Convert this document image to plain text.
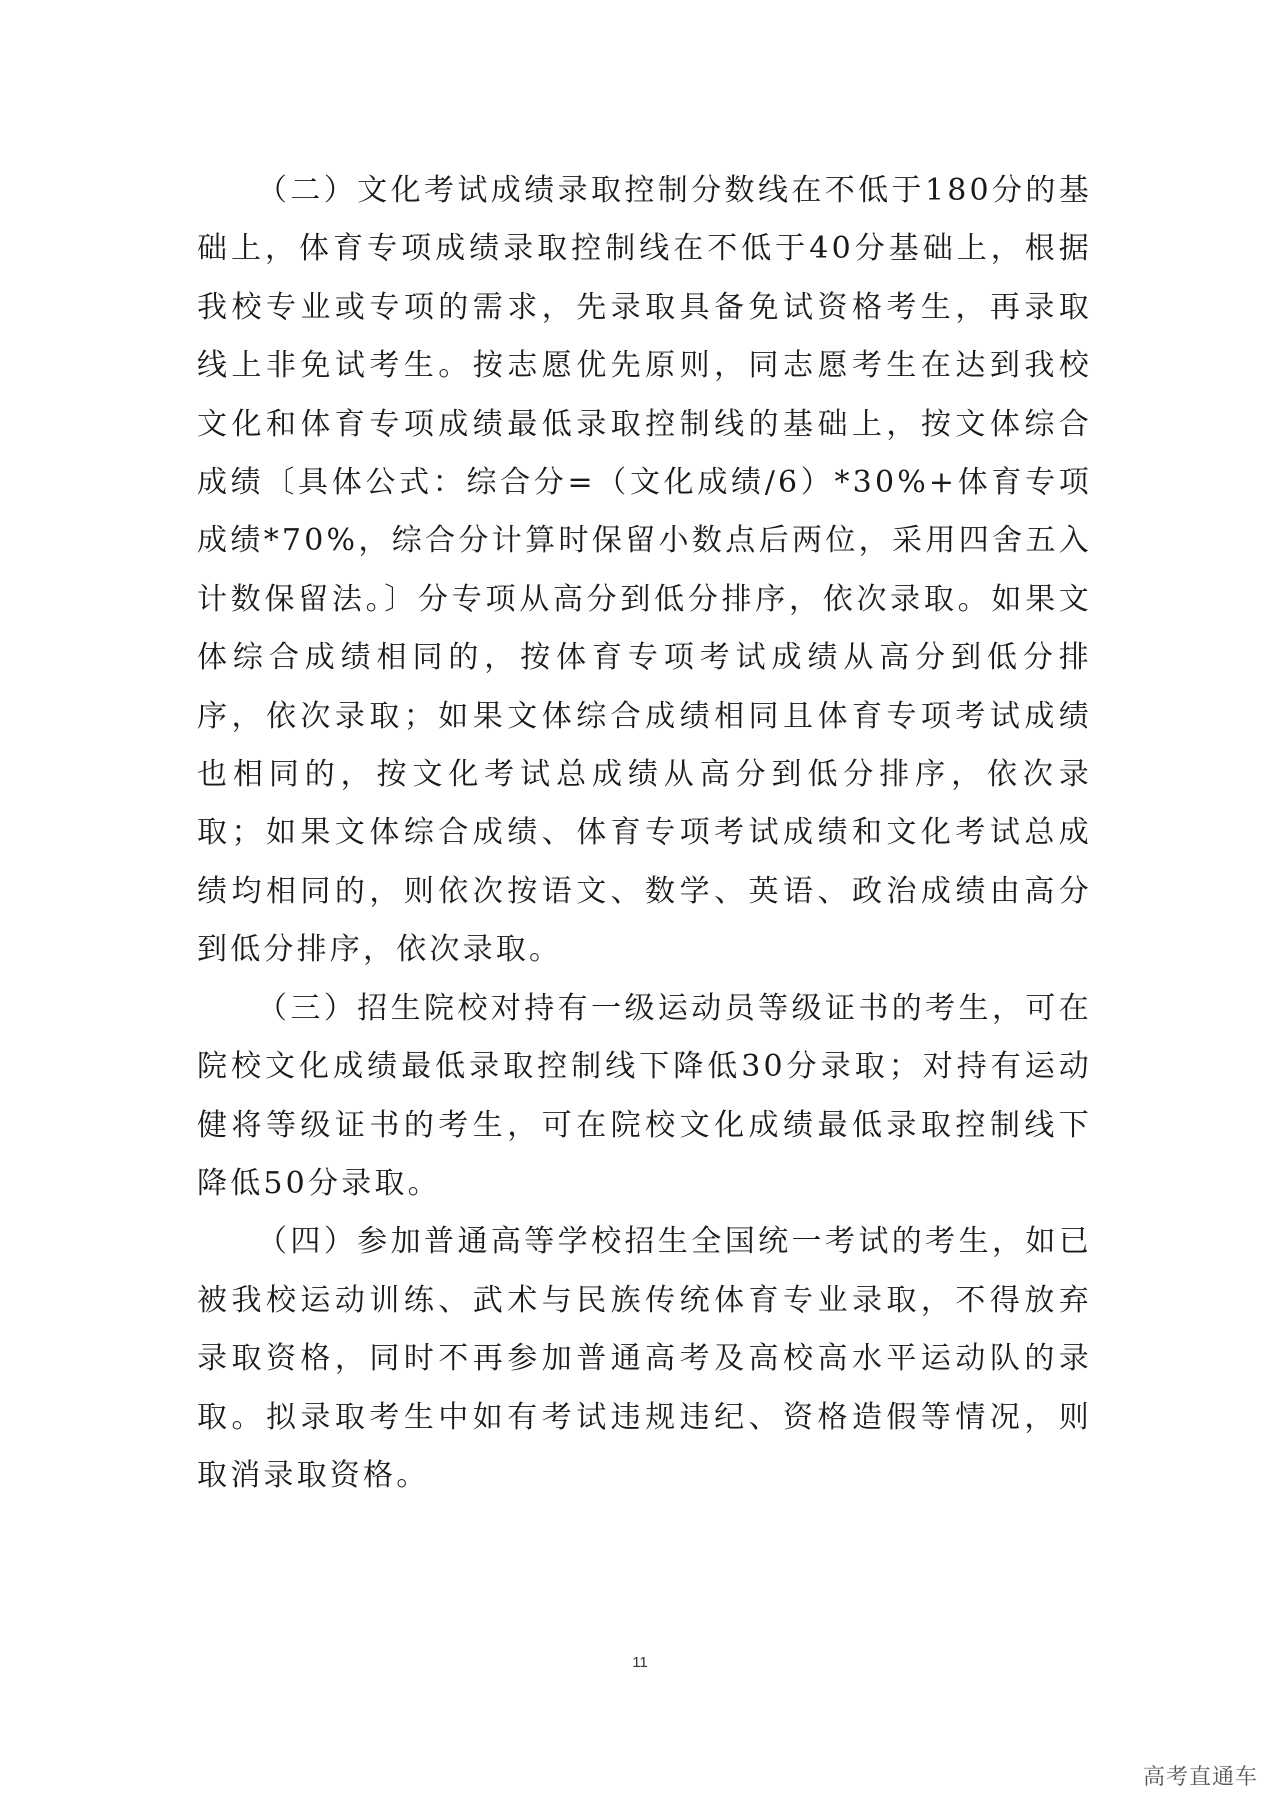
（二）文化考试成绩录取控制分数线在不低于180分的基础上，体育专项成绩录取控制线在不低于40分基础上，根据我校专业或专项的需求，先录取具备免试资格考生，再录取线上非免试考生。按志愿优先原则，同志愿考生在达到我校文化和体育专项成绩最低录取控制线的基础上，按文体综合成绩〔具体公式：综合分=（文化成绩/6）*30%+体育专项成绩*70%，综合分计算时保留小数点后两位，采用四舍五入计数保留法。〕分专项从高分到低分排序，依次录取。如果文体综合成绩相同的，按体育专项考试成绩从高分到低分排序，依次录取；如果文体综合成绩相同且体育专项考试成绩也相同的，按文化考试总成绩从高分到低分排序，依次录取；如果文体综合成绩、体育专项考试成绩和文化考试总成绩均相同的，则依次按语文、数学、英语、政治成绩由高分到低分排序，依次录取。

（三）招生院校对持有一级运动员等级证书的考生，可在院校文化成绩最低录取控制线下降低30分录取；对持有运动健将等级证书的考生，可在院校文化成绩最低录取控制线下降低50分录取。

（四）参加普通高等学校招生全国统一考试的考生，如已被我校运动训练、武术与民族传统体育专业录取，不得放弃录取资格，同时不再参加普通高考及高校高水平运动队的录取。拟录取考生中如有考试违规违纪、资格造假等情况，则取消录取资格。

11
高考直通车
